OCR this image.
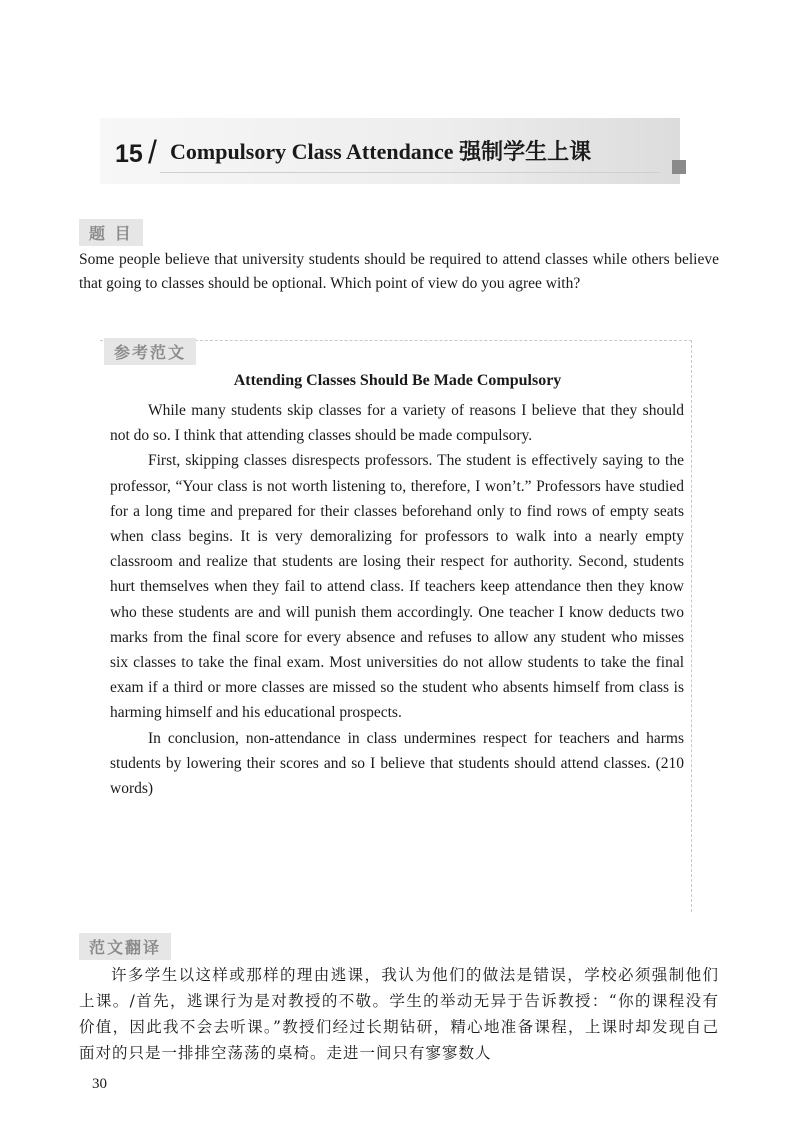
15 / Compulsory Class Attendance 强制学生上课
题 目
Some people believe that university students should be required to attend classes while others believe that going to classes should be optional. Which point of view do you agree with?
参考范文
Attending Classes Should Be Made Compulsory

While many students skip classes for a variety of reasons I believe that they should not do so. I think that attending classes should be made compulsory.

First, skipping classes disrespects professors. The student is effectively saying to the professor, “Your class is not worth listening to, therefore, I won’t.” Professors have studied for a long time and prepared for their classes beforehand only to find rows of empty seats when class begins. It is very demoralizing for professors to walk into a nearly empty classroom and realize that students are losing their respect for authority. Second, students hurt themselves when they fail to attend class. If teachers keep attendance then they know who these students are and will punish them accordingly. One teacher I know deducts two marks from the final score for every absence and refuses to allow any student who misses six classes to take the final exam. Most universities do not allow students to take the final exam if a third or more classes are missed so the student who absents himself from class is harming himself and his educational prospects.

In conclusion, non-attendance in class undermines respect for teachers and harms students by lowering their scores and so I believe that students should attend classes. (210 words)

范文翻译

许多学生以这样或那样的理由逃课，我认为他们的做法是错误，学校必须强制他们上课。/首先，逃课行为是对教授的不敬。学生的举动无异于告诉教授：“你的课程没有价值，因此我不会去听课。”教授们经过长期钻研，精心地准备课程，上课时却发现自己面对的只是一排排空荡荡的桌椅。走进一间只有寥寥数人

30
